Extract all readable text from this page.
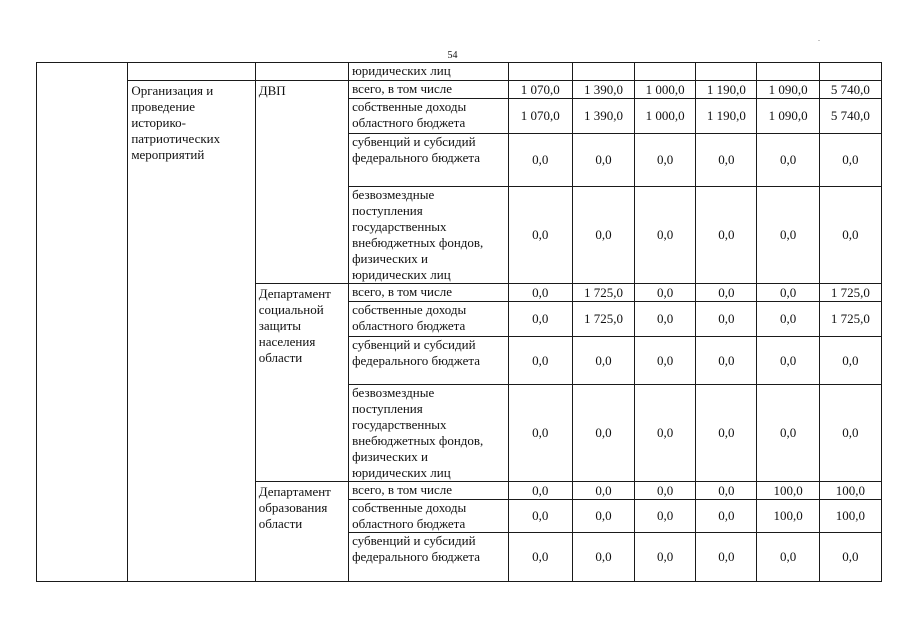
54
.
			юридических лиц						
	Организация и проведение историко-патриотических мероприятий	ДВП	всего, в том числе	1 070,0	1 390,0	1 000,0	1 190,0	1 090,0	5 740,0
			собственные доходы областного бюджета	1 070,0	1 390,0	1 000,0	1 190,0	1 090,0	5 740,0
			субвенций и субсидий федерального бюджета	0,0	0,0	0,0	0,0	0,0	0,0
			безвозмездные поступления государственных внебюджетных фондов, физических и юридических лиц	0,0	0,0	0,0	0,0	0,0	0,0
		Департамент социальной защиты населения области	всего, в том числе	0,0	1 725,0	0,0	0,0	0,0	1 725,0
			собственные доходы областного бюджета	0,0	1 725,0	0,0	0,0	0,0	1 725,0
			субвенций и субсидий федерального бюджета	0,0	0,0	0,0	0,0	0,0	0,0
			безвозмездные поступления государственных внебюджетных фондов, физических и юридических лиц	0,0	0,0	0,0	0,0	0,0	0,0
		Департамент образования области	всего, в том числе	0,0	0,0	0,0	0,0	100,0	100,0
			собственные доходы областного бюджета	0,0	0,0	0,0	0,0	100,0	100,0
			субвенций и субсидий федерального бюджета	0,0	0,0	0,0	0,0	0,0	0,0
